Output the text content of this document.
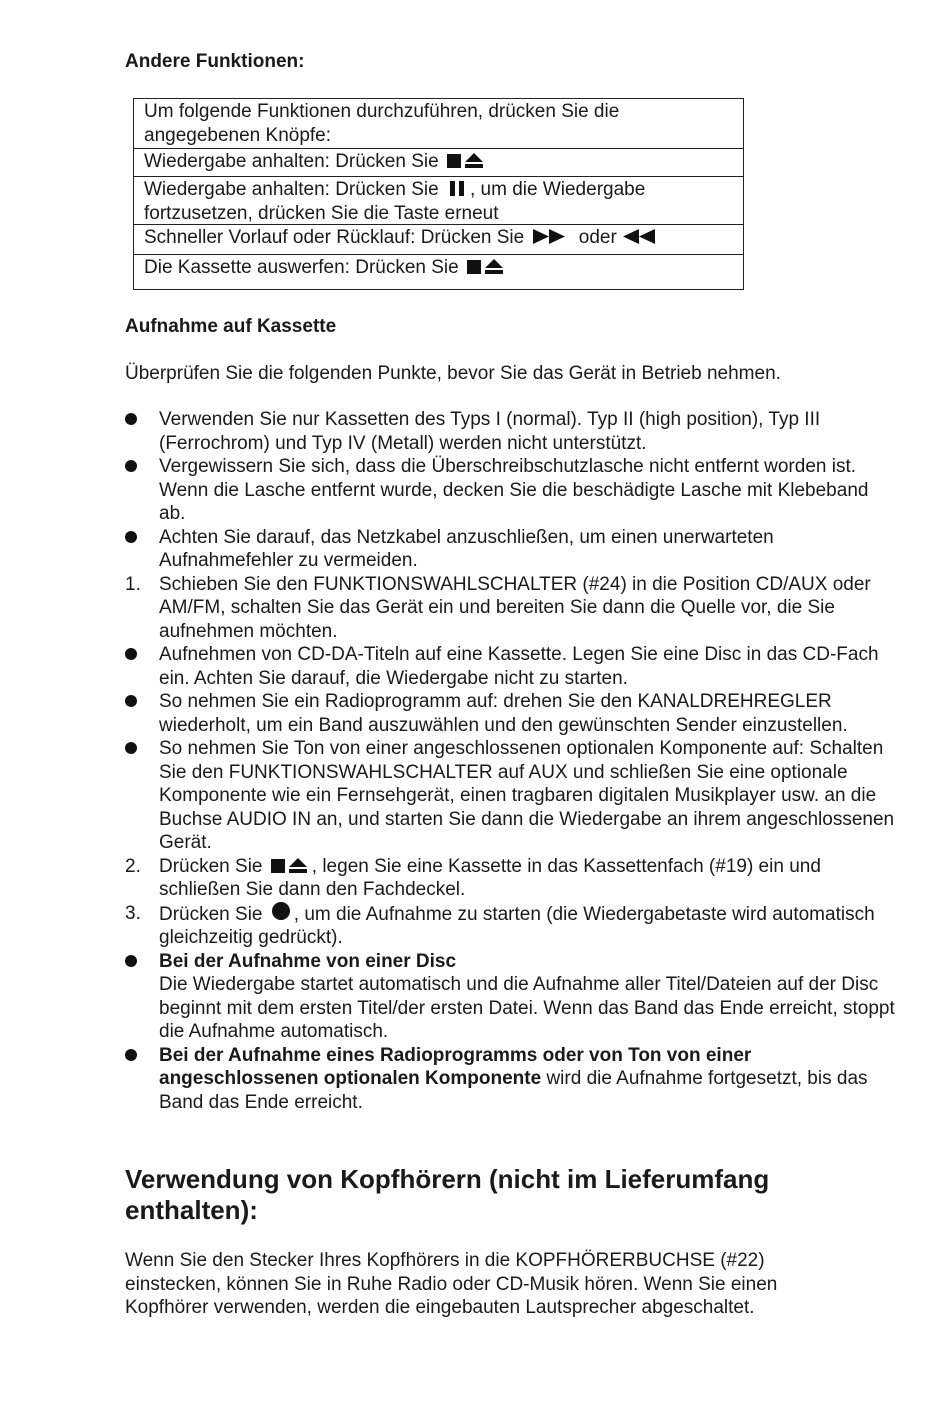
Andere Funktionen:
Um folgende Funktionen durchzuführen, drücken Sie die angegebenen Knöpfe:
Wiedergabe anhalten: Drücken Sie
Wiedergabe anhalten: Drücken Sie , um die Wiedergabe fortzusetzen, drücken Sie die Taste erneut
Schneller Vorlauf oder Rücklauf: Drücken Sie	oder
Die Kassette auswerfen: Drücken Sie
Aufnahme auf Kassette

Überprüfen Sie die folgenden Punkte, bevor Sie das Gerät in Betrieb nehmen.

Verwenden Sie nur Kassetten des Typs I (normal). Typ II (high position), Typ III (Ferrochrom) und Typ IV (Metall) werden nicht unterstützt.
Vergewissern Sie sich, dass die Überschreibschutzlasche nicht entfernt worden ist. Wenn die Lasche entfernt wurde, decken Sie die beschädigte Lasche mit Klebeband ab.
Achten Sie darauf, das Netzkabel anzuschließen, um einen unerwarteten Aufnahmefehler zu vermeiden.
1. Schieben Sie den FUNKTIONSWAHLSCHALTER (#24) in die Position CD/AUX oder AM/FM, schalten Sie das Gerät ein und bereiten Sie dann die Quelle vor, die Sie aufnehmen möchten.
Aufnehmen von CD-DA-Titeln auf eine Kassette. Legen Sie eine Disc in das CD-Fach ein. Achten Sie darauf, die Wiedergabe nicht zu starten.
So nehmen Sie ein Radioprogramm auf: drehen Sie den KANALDREHREGLER wiederholt, um ein Band auszuwählen und den gewünschten Sender einzustellen.
So nehmen Sie Ton von einer angeschlossenen optionalen Komponente auf: Schalten Sie den FUNKTIONSWAHLSCHALTER auf AUX und schließen Sie eine optionale Komponente wie ein Fernsehgerät, einen tragbaren digitalen Musikplayer usw. an die Buchse AUDIO IN an, und starten Sie dann die Wiedergabe an ihrem angeschlossenen Gerät.
2. Drücken Sie	, legen Sie eine Kassette in das Kassettenfach (#19) ein und schließen Sie dann den Fachdeckel.
3. Drücken Sie , um die Aufnahme zu starten (die Wiedergabetaste wird automatisch gleichzeitig gedrückt).
Bei der Aufnahme von einer Disc
Die Wiedergabe startet automatisch und die Aufnahme aller Titel/Dateien auf der Disc beginnt mit dem ersten Titel/der ersten Datei. Wenn das Band das Ende erreicht, stoppt die Aufnahme automatisch.
Bei der Aufnahme eines Radioprogramms oder von Ton von einer angeschlossenen optionalen Komponente wird die Aufnahme fortgesetzt, bis das Band das Ende erreicht.
Verwendung von Kopfhörern (nicht im Lieferumfang enthalten):

Wenn Sie den Stecker Ihres Kopfhörers in die KOPFHÖRERBUCHSE (#22) einstecken, können Sie in Ruhe Radio oder CD-Musik hören. Wenn Sie einen Kopfhörer verwenden, werden die eingebauten Lautsprecher abgeschaltet.
